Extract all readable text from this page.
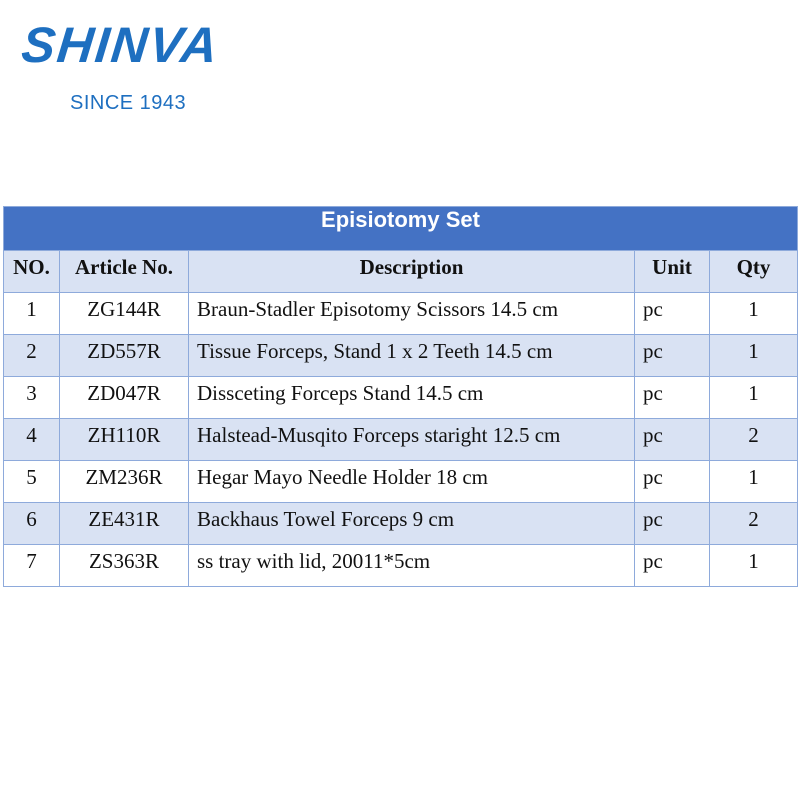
SHINVA
SINCE 1943
Episiotomy Set				
NO.	Article No.	Description	Unit	Qty
1	ZG144R	Braun-Stadler Episotomy Scissors 14.5 cm	pc	1
2	ZD557R	Tissue Forceps, Stand 1 x 2 Teeth 14.5 cm	pc	1
3	ZD047R	Dissceting Forceps Stand 14.5 cm	pc	1
4	ZH110R	Halstead-Musqito Forceps staright 12.5 cm	pc	2
5	ZM236R	Hegar Mayo Needle Holder 18 cm	pc	1
6	ZE431R	Backhaus Towel Forceps 9 cm	pc	2
7	ZS363R	ss tray with lid, 20011*5cm	pc	1
